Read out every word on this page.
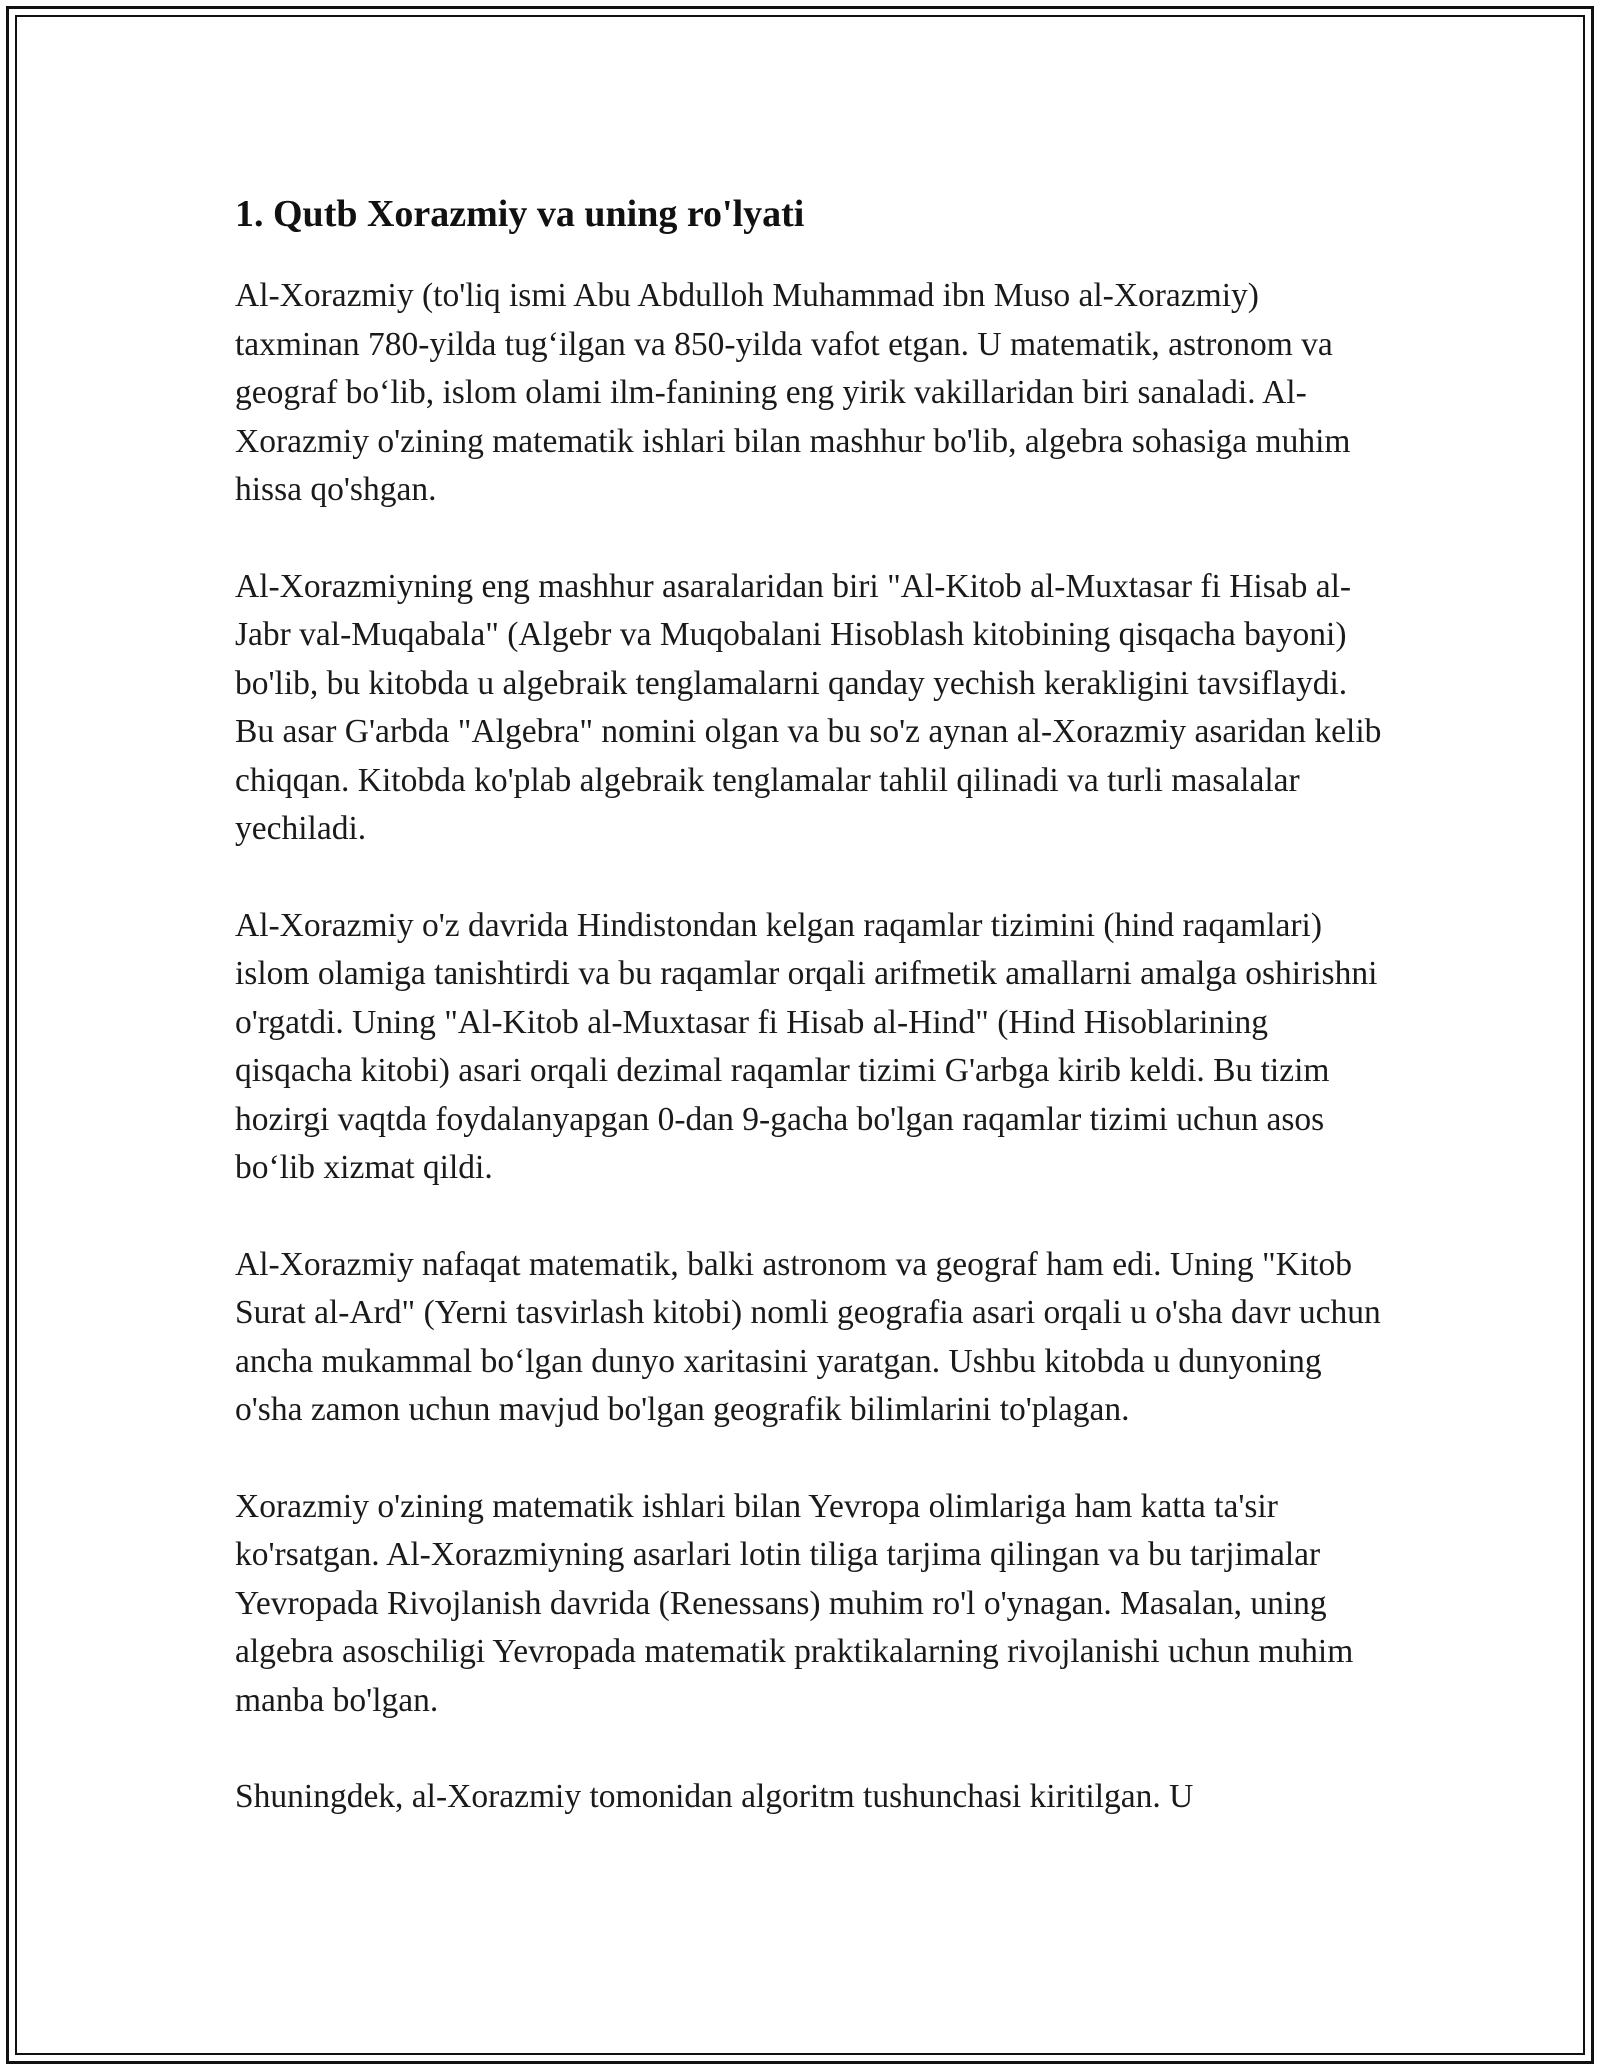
1. Qutb Xorazmiy va uning ro'lyati

Al-Xorazmiy (to'liq ismi Abu Abdulloh Muhammad ibn Muso al-Xorazmiy) taxminan 780-yilda tug‘ilgan va 850-yilda vafot etgan. U matematik, astronom va geograf bo‘lib, islom olami ilm-fanining eng yirik vakillaridan biri sanaladi. Al-Xorazmiy o'zining matematik ishlari bilan mashhur bo'lib, algebra sohasiga muhim hissa qo'shgan.

Al-Xorazmiyning eng mashhur asaralaridan biri "Al-Kitob al-Muxtasar fi Hisab al-Jabr val-Muqabala" (Algebr va Muqobalani Hisoblash kitobining qisqacha bayoni) bo'lib, bu kitobda u algebraik tenglamalarni qanday yechish kerakligini tavsiflaydi. Bu asar G'arbda "Algebra" nomini olgan va bu so'z aynan al-Xorazmiy asaridan kelib chiqqan. Kitobda ko'plab algebraik tenglamalar tahlil qilinadi va turli masalalar yechiladi.

Al-Xorazmiy o'z davrida Hindistondan kelgan raqamlar tizimini (hind raqamlari) islom olamiga tanishtirdi va bu raqamlar orqali arifmetik amallarni amalga oshirishni o'rgatdi. Uning "Al-Kitob al-Muxtasar fi Hisab al-Hind" (Hind Hisoblarining qisqacha kitobi) asari orqali dezimal raqamlar tizimi G'arbga kirib keldi. Bu tizim hozirgi vaqtda foydalanyapgan 0-dan 9-gacha bo'lgan raqamlar tizimi uchun asos bo‘lib xizmat qildi.

Al-Xorazmiy nafaqat matematik, balki astronom va geograf ham edi. Uning "Kitob Surat al-Ard" (Yerni tasvirlash kitobi) nomli geografia asari orqali u o'sha davr uchun ancha mukammal bo‘lgan dunyo xaritasini yaratgan. Ushbu kitobda u dunyoning o'sha zamon uchun mavjud bo'lgan geografik bilimlarini to'plagan.

Xorazmiy o'zining matematik ishlari bilan Yevropa olimlariga ham katta ta'sir ko'rsatgan. Al-Xorazmiyning asarlari lotin tiliga tarjima qilingan va bu tarjimalar Yevropada Rivojlanish davrida (Renessans) muhim ro'l o'ynagan. Masalan, uning algebra asoschiligi Yevropada matematik praktikalarning rivojlanishi uchun muhim manba bo'lgan.

Shuningdek, al-Xorazmiy tomonidan algoritm tushunchasi kiritilgan. U
